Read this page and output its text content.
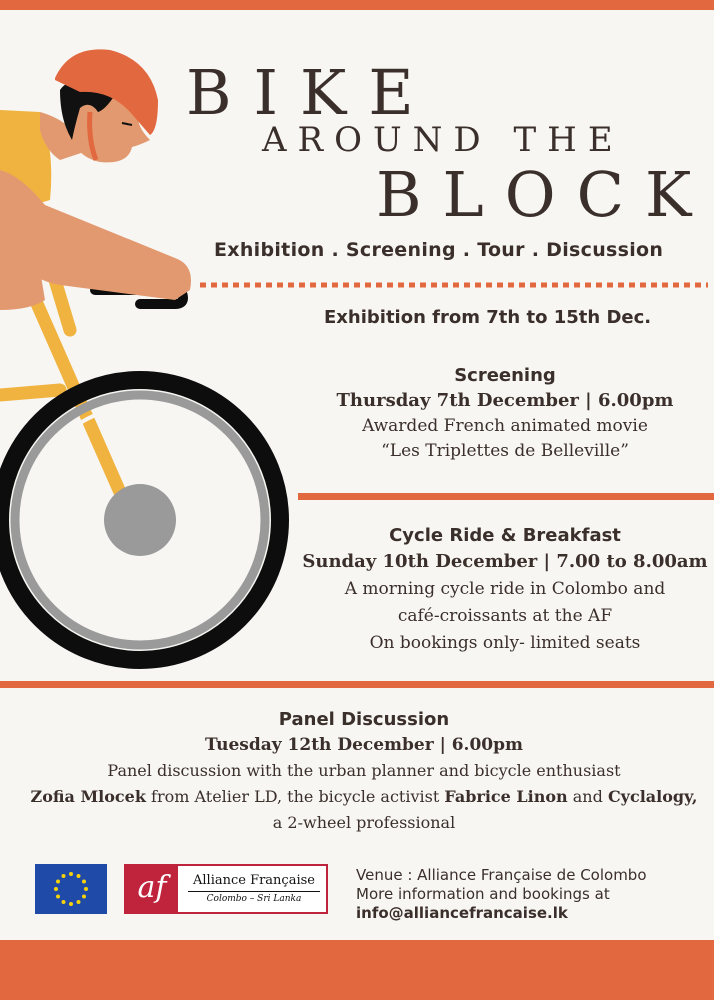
BIKE
AROUND THE
BLOCK
Exhibition . Screening . Tour . Discussion
Exhibition from 7th to 15th Dec.
Screening
Thursday 7th December | 6.00pm
Awarded French animated movie
“Les Triplettes de Belleville”
Cycle Ride & Breakfast
Sunday 10th December | 7.00 to 8.00am
A morning cycle ride in Colombo and
café-croissants at the AF
On bookings only- limited seats
Panel Discussion
Tuesday 12th December | 6.00pm
Panel discussion with the urban planner and bicycle enthusiast
Zofia Mlocek from Atelier LD, the bicycle activist Fabrice Linon and Cyclalogy,
a 2-wheel professional
af	Alliance Française
Colombo – Sri Lanka
Venue : Alliance Française de Colombo
More information and bookings at
info@alliancefrancaise.lk
